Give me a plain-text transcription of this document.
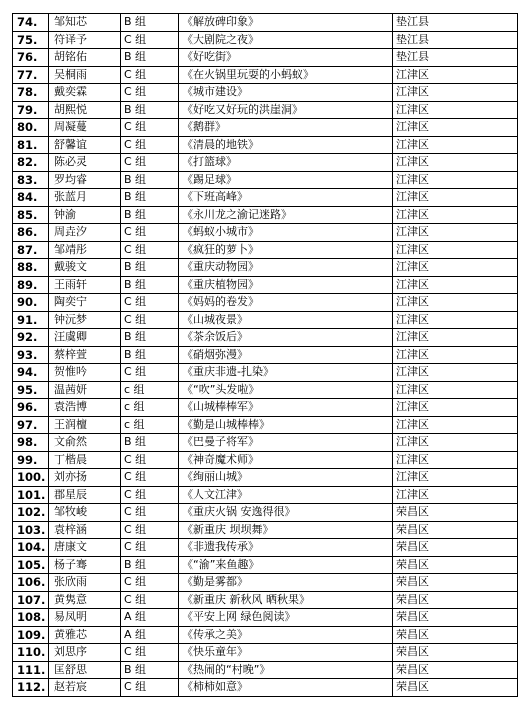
74.	邹知芯	B 组	《解放碑印象》	垫江县
75.	符译予	C 组	《大剧院之夜》	垫江县
76.	胡铭佑	B 组	《好吃街》	垫江县
77.	吴桐雨	C 组	《在火锅里玩耍的小蚂蚁》	江津区
78.	戴奕霖	C 组	《城市建设》	江津区
79.	胡熙悦	B 组	《好吃又好玩的洪崖洞》	江津区
80.	周凝蔓	C 组	《鹅群》	江津区
81.	舒馨谊	C 组	《清晨的地铁》	江津区
82.	陈必灵	C 组	《打篮球》	江津区
83.	罗均睿	B 组	《踢足球》	江津区
84.	张蓝月	B 组	《下班高峰》	江津区
85.	钟渝	B 组	《永川龙之渝记迷路》	江津区
86.	周垚汐	C 组	《蚂蚁小城市》	江津区
87.	邹靖彤	C 组	《疯狂的萝卜》	江津区
88.	戴骏文	B 组	《重庆动物园》	江津区
89.	王雨轩	B 组	《重庆植物园》	江津区
90.	陶奕宁	C 组	《妈妈的卷发》	江津区
91.	钟沅梦	C 组	《山城夜景》	江津区
92.	汪虞卿	B 组	《茶余饭后》	江津区
93.	蔡梓萱	B 组	《硝烟弥漫》	江津区
94.	贺惟吟	C 组	《重庆非遗-扎染》	江津区
95.	温茜妍	c 组	《“吹”头发啦》	江津区
96.	袁浩博	c 组	《山城棒棒军》	江津区
97.	王润檀	c 组	《勤是山城棒棒》	江津区
98.	文俞然	B 组	《巴曼子将军》	江津区
99.	丁楷晨	C 组	《神奇魔术师》	江津区
100.	刘亦扬	C 组	《绚丽山城》	江津区
101.	郡星辰	C 组	《人文江津》	江津区
102.	邹牧峻	C 组	《重庆火锅 安逸得很》	荣昌区
103.	袁梓涵	C 组	《新重庆 坝坝舞》	荣昌区
104.	唐康文	C 组	《非遗我传承》	荣昌区
105.	杨子骞	B 组	《“渝”来鱼趣》	荣昌区
106.	张欣雨	C 组	《勤是雾都》	荣昌区
107.	黄隽意	C 组	《新重庆 新秋风 晒秋果》	荣昌区
108.	易凤明	A 组	《平安上网 绿色阅读》	荣昌区
109.	黄雅芯	A 组	《传承之美》	荣昌区
110.	刘思序	C 组	《快乐童年》	荣昌区
111.	匡舒思	B 组	《热闹的“村晚”》	荣昌区
112.	赵若宸	C 组	《柿柿如意》	荣昌区
